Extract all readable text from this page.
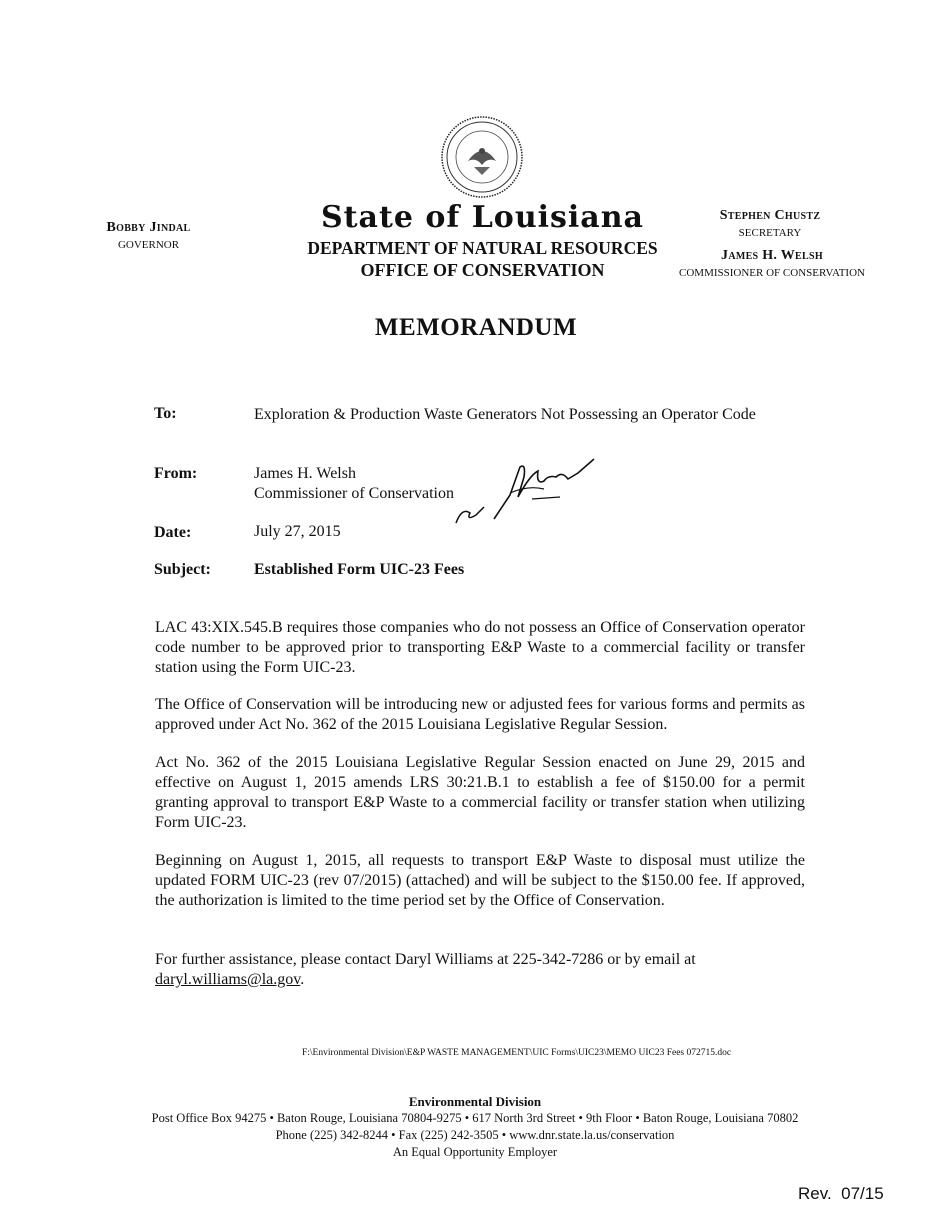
Bobby Jindal
GOVERNOR
State of Louisiana
DEPARTMENT OF NATURAL RESOURCES
OFFICE OF CONSERVATION
Stephen Chustz
SECRETARY
James H. Welsh
COMMISSIONER OF CONSERVATION
MEMORANDUM
To:	Exploration & Production Waste Generators Not Possessing an Operator Code
From:	James H. Welsh
Commissioner of Conservation
Date:	July 27, 2015
Subject:	Established Form UIC-23 Fees
LAC 43:XIX.545.B requires those companies who do not possess an Office of Conservation operator code number to be approved prior to transporting E&P Waste to a commercial facility or transfer station using the Form UIC-23.
The Office of Conservation will be introducing new or adjusted fees for various forms and permits as approved under Act No. 362 of the 2015 Louisiana Legislative Regular Session.
Act No. 362 of the 2015 Louisiana Legislative Regular Session enacted on June 29, 2015 and effective on August 1, 2015 amends LRS 30:21.B.1 to establish a fee of $150.00 for a permit granting approval to transport E&P Waste to a commercial facility or transfer station when utilizing Form UIC-23.
Beginning on August 1, 2015, all requests to transport E&P Waste to disposal must utilize the updated FORM UIC-23 (rev 07/2015) (attached) and will be subject to the $150.00 fee. If approved, the authorization is limited to the time period set by the Office of Conservation.
For further assistance, please contact Daryl Williams at 225-342-7286 or by email at
daryl.williams@la.gov.
F:\Environmental Division\E&P WASTE MANAGEMENT\UIC Forms\UIC23\MEMO UIC23 Fees 072715.doc
Environmental Division
Post Office Box 94275 • Baton Rouge, Louisiana 70804-9275 • 617 North 3rd Street • 9th Floor • Baton Rouge, Louisiana 70802
Phone (225) 342-8244 • Fax (225) 242-3505 • www.dnr.state.la.us/conservation
An Equal Opportunity Employer
Rev.  07/15
